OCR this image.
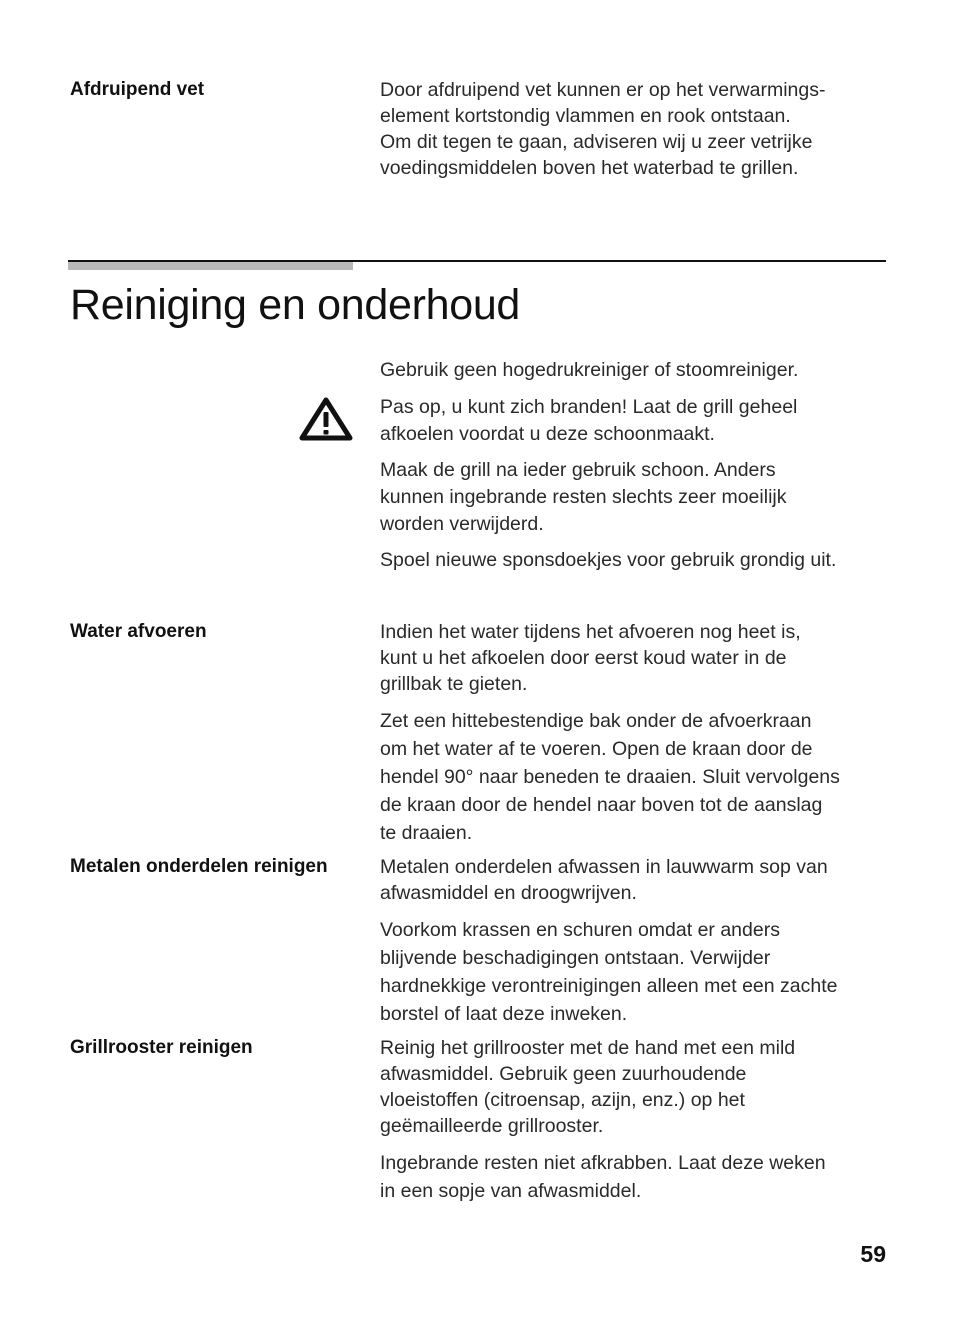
Afdruipend vet	Door afdruipend vet kunnen er op het verwarmings-
element kortstondig vlammen en rook ontstaan.
Om dit tegen te gaan, adviseren wij u zeer vetrijke
voedingsmiddelen boven het waterbad te grillen.

Reiniging en onderhoud

Gebruik geen hogedrukreiniger of stoomreiniger.

Pas op, u kunt zich branden! Laat de grill geheel
afkoelen voordat u deze schoonmaakt.

Maak de grill na ieder gebruik schoon. Anders
kunnen ingebrande resten slechts zeer moeilijk
worden verwijderd.

Spoel nieuwe sponsdoekjes voor gebruik grondig uit.

Water afvoeren	Indien het water tijdens het afvoeren nog heet is,
kunt u het afkoelen door eerst koud water in de
grillbak te gieten.

Zet een hittebestendige bak onder de afvoerkraan
om het water af te voeren. Open de kraan door de
hendel 90° naar beneden te draaien. Sluit vervolgens
de kraan door de hendel naar boven tot de aanslag
te draaien.

Metalen onderdelen reinigen	Metalen onderdelen afwassen in lauwwarm sop van
afwasmiddel en droogwrijven.

Voorkom krassen en schuren omdat er anders
blijvende beschadigingen ontstaan. Verwijder
hardnekkige verontreinigingen alleen met een zachte
borstel of laat deze inweken.

Grillrooster reinigen	Reinig het grillrooster met de hand met een mild
afwasmiddel. Gebruik geen zuurhoudende
vloeistoffen (citroensap, azijn, enz.) op het
geëmailleerde grillrooster.

Ingebrande resten niet afkrabben. Laat deze weken
in een sopje van afwasmiddel.

59
